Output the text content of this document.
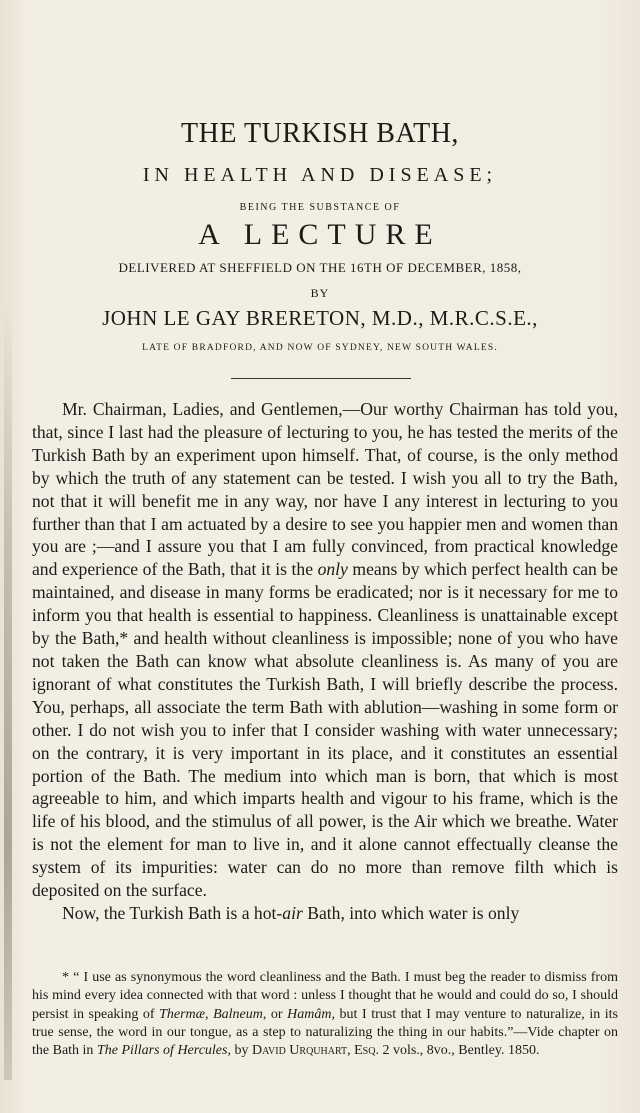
THE TURKISH BATH,
IN HEALTH AND DISEASE;
BEING THE SUBSTANCE OF
A LECTURE
DELIVERED AT SHEFFIELD ON THE 16TH OF DECEMBER, 1858,
BY
JOHN LE GAY BRERETON, M.D., M.R.C.S.E.,
LATE OF BRADFORD, AND NOW OF SYDNEY, NEW SOUTH WALES.

Mr. Chairman, Ladies, and Gentlemen,—Our worthy Chairman has told you, that, since I last had the pleasure of lecturing to you, he has tested the merits of the Turkish Bath by an experiment upon himself. That, of course, is the only method by which the truth of any statement can be tested. I wish you all to try the Bath, not that it will benefit me in any way, nor have I any interest in lecturing to you further than that I am actuated by a desire to see you happier men and women than you are ;—and I assure you that I am fully convinced, from practical knowledge and experience of the Bath, that it is the only means by which perfect health can be maintained, and disease in many forms be eradicated; nor is it necessary for me to inform you that health is essential to happiness. Cleanliness is unattainable except by the Bath,* and health without cleanliness is impossible; none of you who have not taken the Bath can know what absolute cleanliness is. As many of you are ignorant of what constitutes the Turkish Bath, I will briefly describe the process. You, perhaps, all associate the term Bath with ablution—washing in some form or other. I do not wish you to infer that I consider washing with water unnecessary; on the contrary, it is very important in its place, and it constitutes an essential portion of the Bath. The medium into which man is born, that which is most agreeable to him, and which imparts health and vigour to his frame, which is the life of his blood, and the stimulus of all power, is the Air which we breathe. Water is not the element for man to live in, and it alone cannot effectually cleanse the system of its impurities: water can do no more than remove filth which is deposited on the surface.

Now, the Turkish Bath is a hot-air Bath, into which water is only

* “ I use as synonymous the word cleanliness and the Bath. I must beg the reader to dismiss from his mind every idea connected with that word : unless I thought that he would and could do so, I should persist in speaking of Thermæ, Balneum, or Hamâm, but I trust that I may venture to naturalize, in its true sense, the word in our tongue, as a step to naturalizing the thing in our habits.”—Vide chapter on the Bath in The Pillars of Hercules, by David Urquhart, Esq. 2 vols., 8vo., Bentley. 1850.
